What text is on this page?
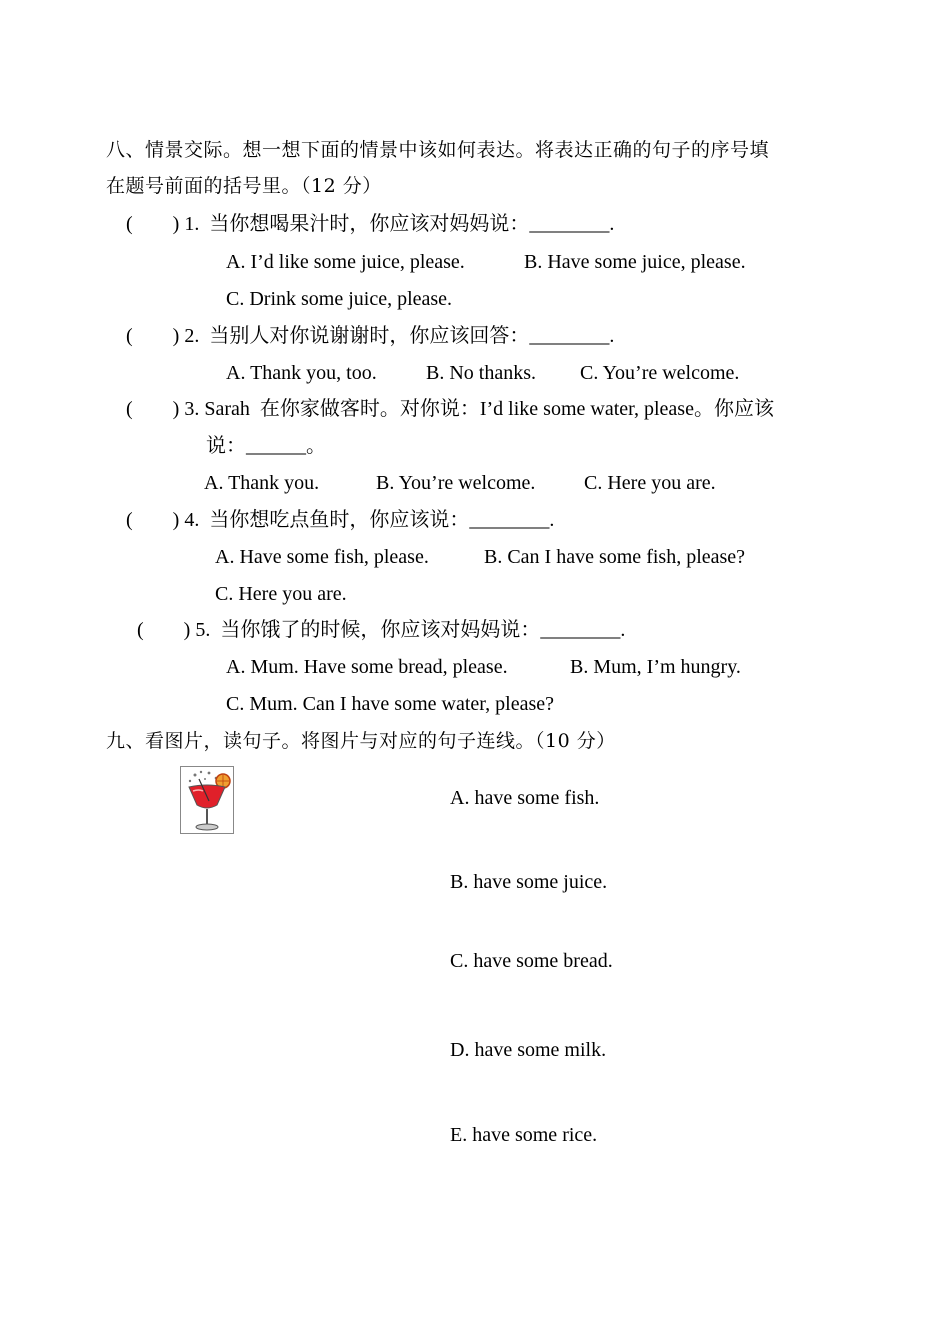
八、情景交际。想一想下面的情景中该如何表达。将表达正确的句子的序号填
在题号前面的括号里。（12 分）
(        ) 1.  当你想喝果汁时，你应该对妈妈说：________.
A. I’d like some juice, please.	B. Have some juice, please.
C. Drink some juice, please.
(        ) 2.  当别人对你说谢谢时，你应该回答：________.
A. Thank you, too. B. No thanks. C. You’re welcome.
(        ) 3. Sarah  在你家做客时。对你说：I’d like some water, please。你应该
说：______。
A. Thank you.	B. You’re welcome. C. Here you are.
(        ) 4.  当你想吃点鱼时，你应该说：________.
A. Have some fish, please.	B. Can I have some fish, please?
C. Here you are.
(        ) 5.  当你饿了的时候，你应该对妈妈说：________.
A. Mum. Have some bread, please.	B. Mum, I’m hungry.
C. Mum. Can I have some water, please?
九、看图片，读句子。将图片与对应的句子连线。（10 分）
A. have some fish.
B. have some juice.
C. have some bread.
D. have some milk.
E. have some rice.
